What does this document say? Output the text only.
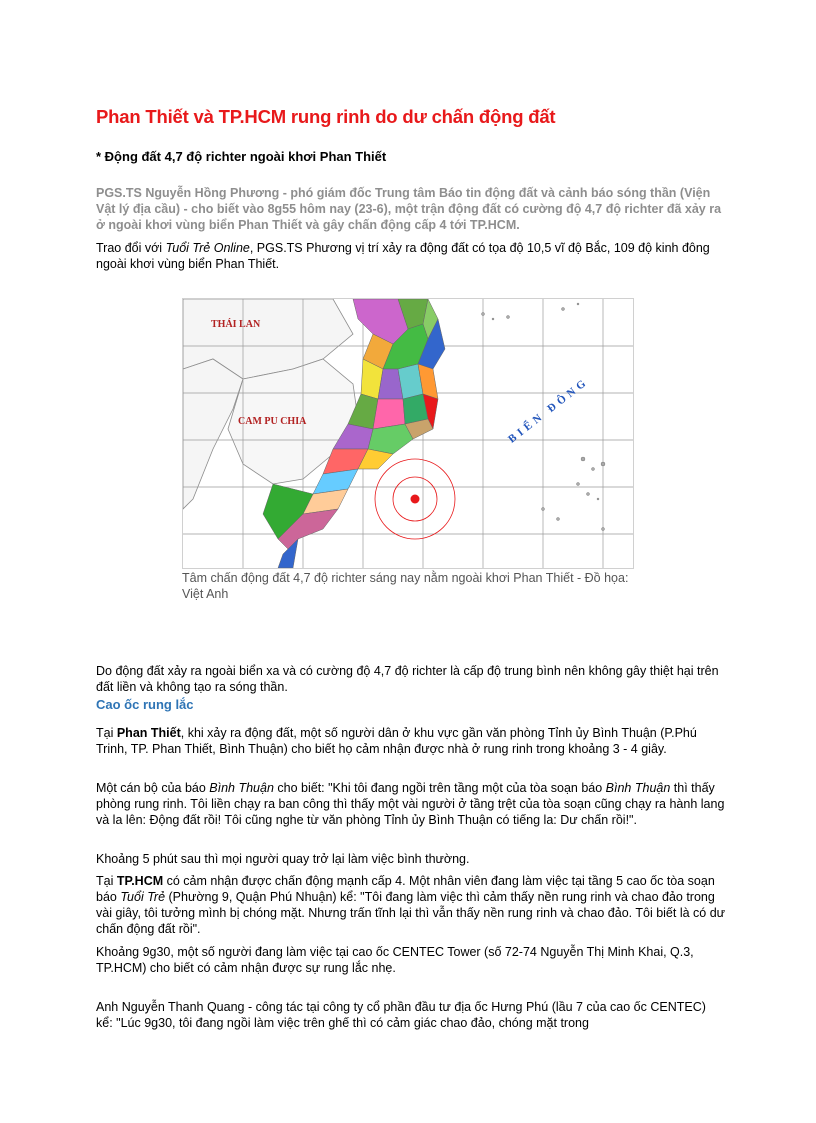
Phan Thiết và TP.HCM rung rinh do dư chấn động đất
* Động đất 4,7 độ richter ngoài khơi Phan Thiết

PGS.TS Nguyễn Hồng Phương - phó giám đốc Trung tâm Báo tin động đất và cảnh báo sóng thần (Viện Vật lý địa cầu) - cho biết vào 8g55 hôm nay (23-6), một trận động đất có cường độ 4,7 độ richter đã xảy ra ở ngoài khơi vùng biển Phan Thiết và gây chấn động cấp 4 tới TP.HCM.

Trao đổi với Tuổi Trẻ Online, PGS.TS Phương vị trí xảy ra động đất có tọa độ 10,5 vĩ độ Bắc, 109 độ kinh đông ngoài khơi vùng biển Phan Thiết.

Do động đất xảy ra ngoài biển xa và có cường độ 4,7 độ richter là cấp độ trung bình nên không gây thiệt hại trên đất liền và không tạo ra sóng thần.

Cao ốc rung lắc

Tại Phan Thiết, khi xảy ra động đất, một số người dân ở khu vực gần văn phòng Tỉnh ủy Bình Thuận (P.Phú Trinh, TP. Phan Thiết, Bình Thuận) cho biết họ cảm nhận được nhà ở rung rinh trong khoảng 3 - 4 giây.

Một cán bộ của báo Bình Thuận cho biết: "Khi tôi đang ngồi trên tầng một của tòa soạn báo Bình Thuận thì thấy phòng rung rinh. Tôi liền chạy ra ban công thì thấy một vài người ở tầng trệt của tòa soạn cũng chạy ra hành lang và la lên: Động đất rồi! Tôi cũng nghe từ văn phòng Tỉnh ủy Bình Thuận có tiếng la: Dư chấn rồi!".

Khoảng 5 phút sau thì mọi người quay trở lại làm việc bình thường.

Tại TP.HCM có cảm nhận được chấn động mạnh cấp 4. Một nhân viên đang làm việc tại tầng 5 cao ốc tòa soạn báo Tuổi Trẻ (Phường 9, Quận Phú Nhuận) kể: "Tôi đang làm việc thì cảm thấy nền rung rinh và chao đảo trong vài giây, tôi tưởng mình bị chóng mặt. Nhưng trấn tĩnh lại thì vẫn thấy nền rung rinh và chao đảo. Tôi biết là có dư chấn động đất rồi".

Khoảng 9g30, một số người đang làm việc tại cao ốc CENTEC Tower (số 72-74 Nguyễn Thị Minh Khai, Q.3, TP.HCM) cho biết có cảm nhận được sự rung lắc nhẹ.

Anh Nguyễn Thanh Quang - công tác tại công ty cổ phần đầu tư địa ốc Hưng Phú (lầu 7 của cao ốc CENTEC) kể: "Lúc 9g30, tôi đang ngồi làm việc trên ghế thì có cảm giác chao đảo, chóng mặt trong

THÁI LAN
CAM PU CHIA	BIỂN ĐÔNG

Tâm chấn động đất 4,7 độ richter sáng nay nằm ngoài khơi Phan Thiết - Đồ họa: Việt Anh
